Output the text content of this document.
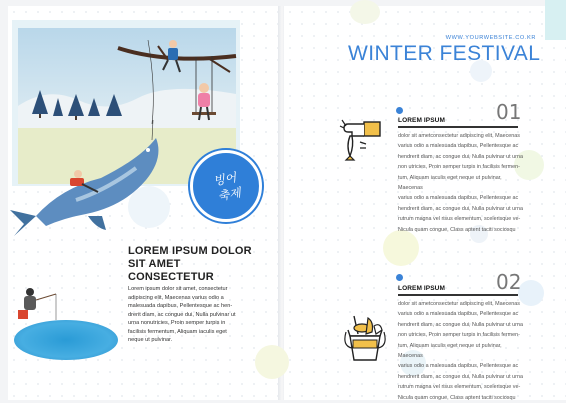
빙어
축제
LOREM IPSUM DOLOR
SIT AMET CONSECTETUR
Lorem ipsum dolor sit amet, consectetur
adipiscing elit, Maecenas varius odio a
malesuada dapibus, Pellentesque ac hen-
drerit diam, ac congue dui, Nulla pulvinar ut
urna nonutricies, Proin semper turpis in
facilisis fermentum, Aliquam iaculis eget
neque ut pulvinar.
WWW.YOURWEBSITE.CO.KR
WINTER FESTIVAL
01
LOREM IPSUM
dolor sit ametconsectetur adipiscing elit, Maecenas
varius odio a malesuada dapibus, Pellentesque ac
hendrerit diam, ac congue dui, Nulla pulvinar ut urna
non utricies, Proin semper turpis in facilisis fermen-
tum, Aliquam iaculis eget neque ut pulvinar, Maecenas
varius odio a malesuada dapibus, Pellentesque ac
hendrerit diam, ac congue dui, Nulla pulvinar ut urna
rutrum magna vel risus elementum, scelerisque ve-
Nicula quam congue, Class aptent taciti sociosqu
02
LOREM IPSUM
dolor sit ametconsectetur adipiscing elit, Maecenas
varius odio a malesuada dapibus, Pellentesque ac
hendrerit diam, ac congue dui, Nulla pulvinar ut urna
non utricies, Proin semper turpis in facilisis fermen-
tum, Aliquam iaculis eget neque ut pulvinar, Maecenas
varius odio a malesuada dapibus, Pellentesque ac
hendrerit diam, ac congue dui, Nulla pulvinar ut urna
rutrum magna vel risus elementum, scelerisque ve-
Nicula quam congue, Class aptent taciti sociosqu
